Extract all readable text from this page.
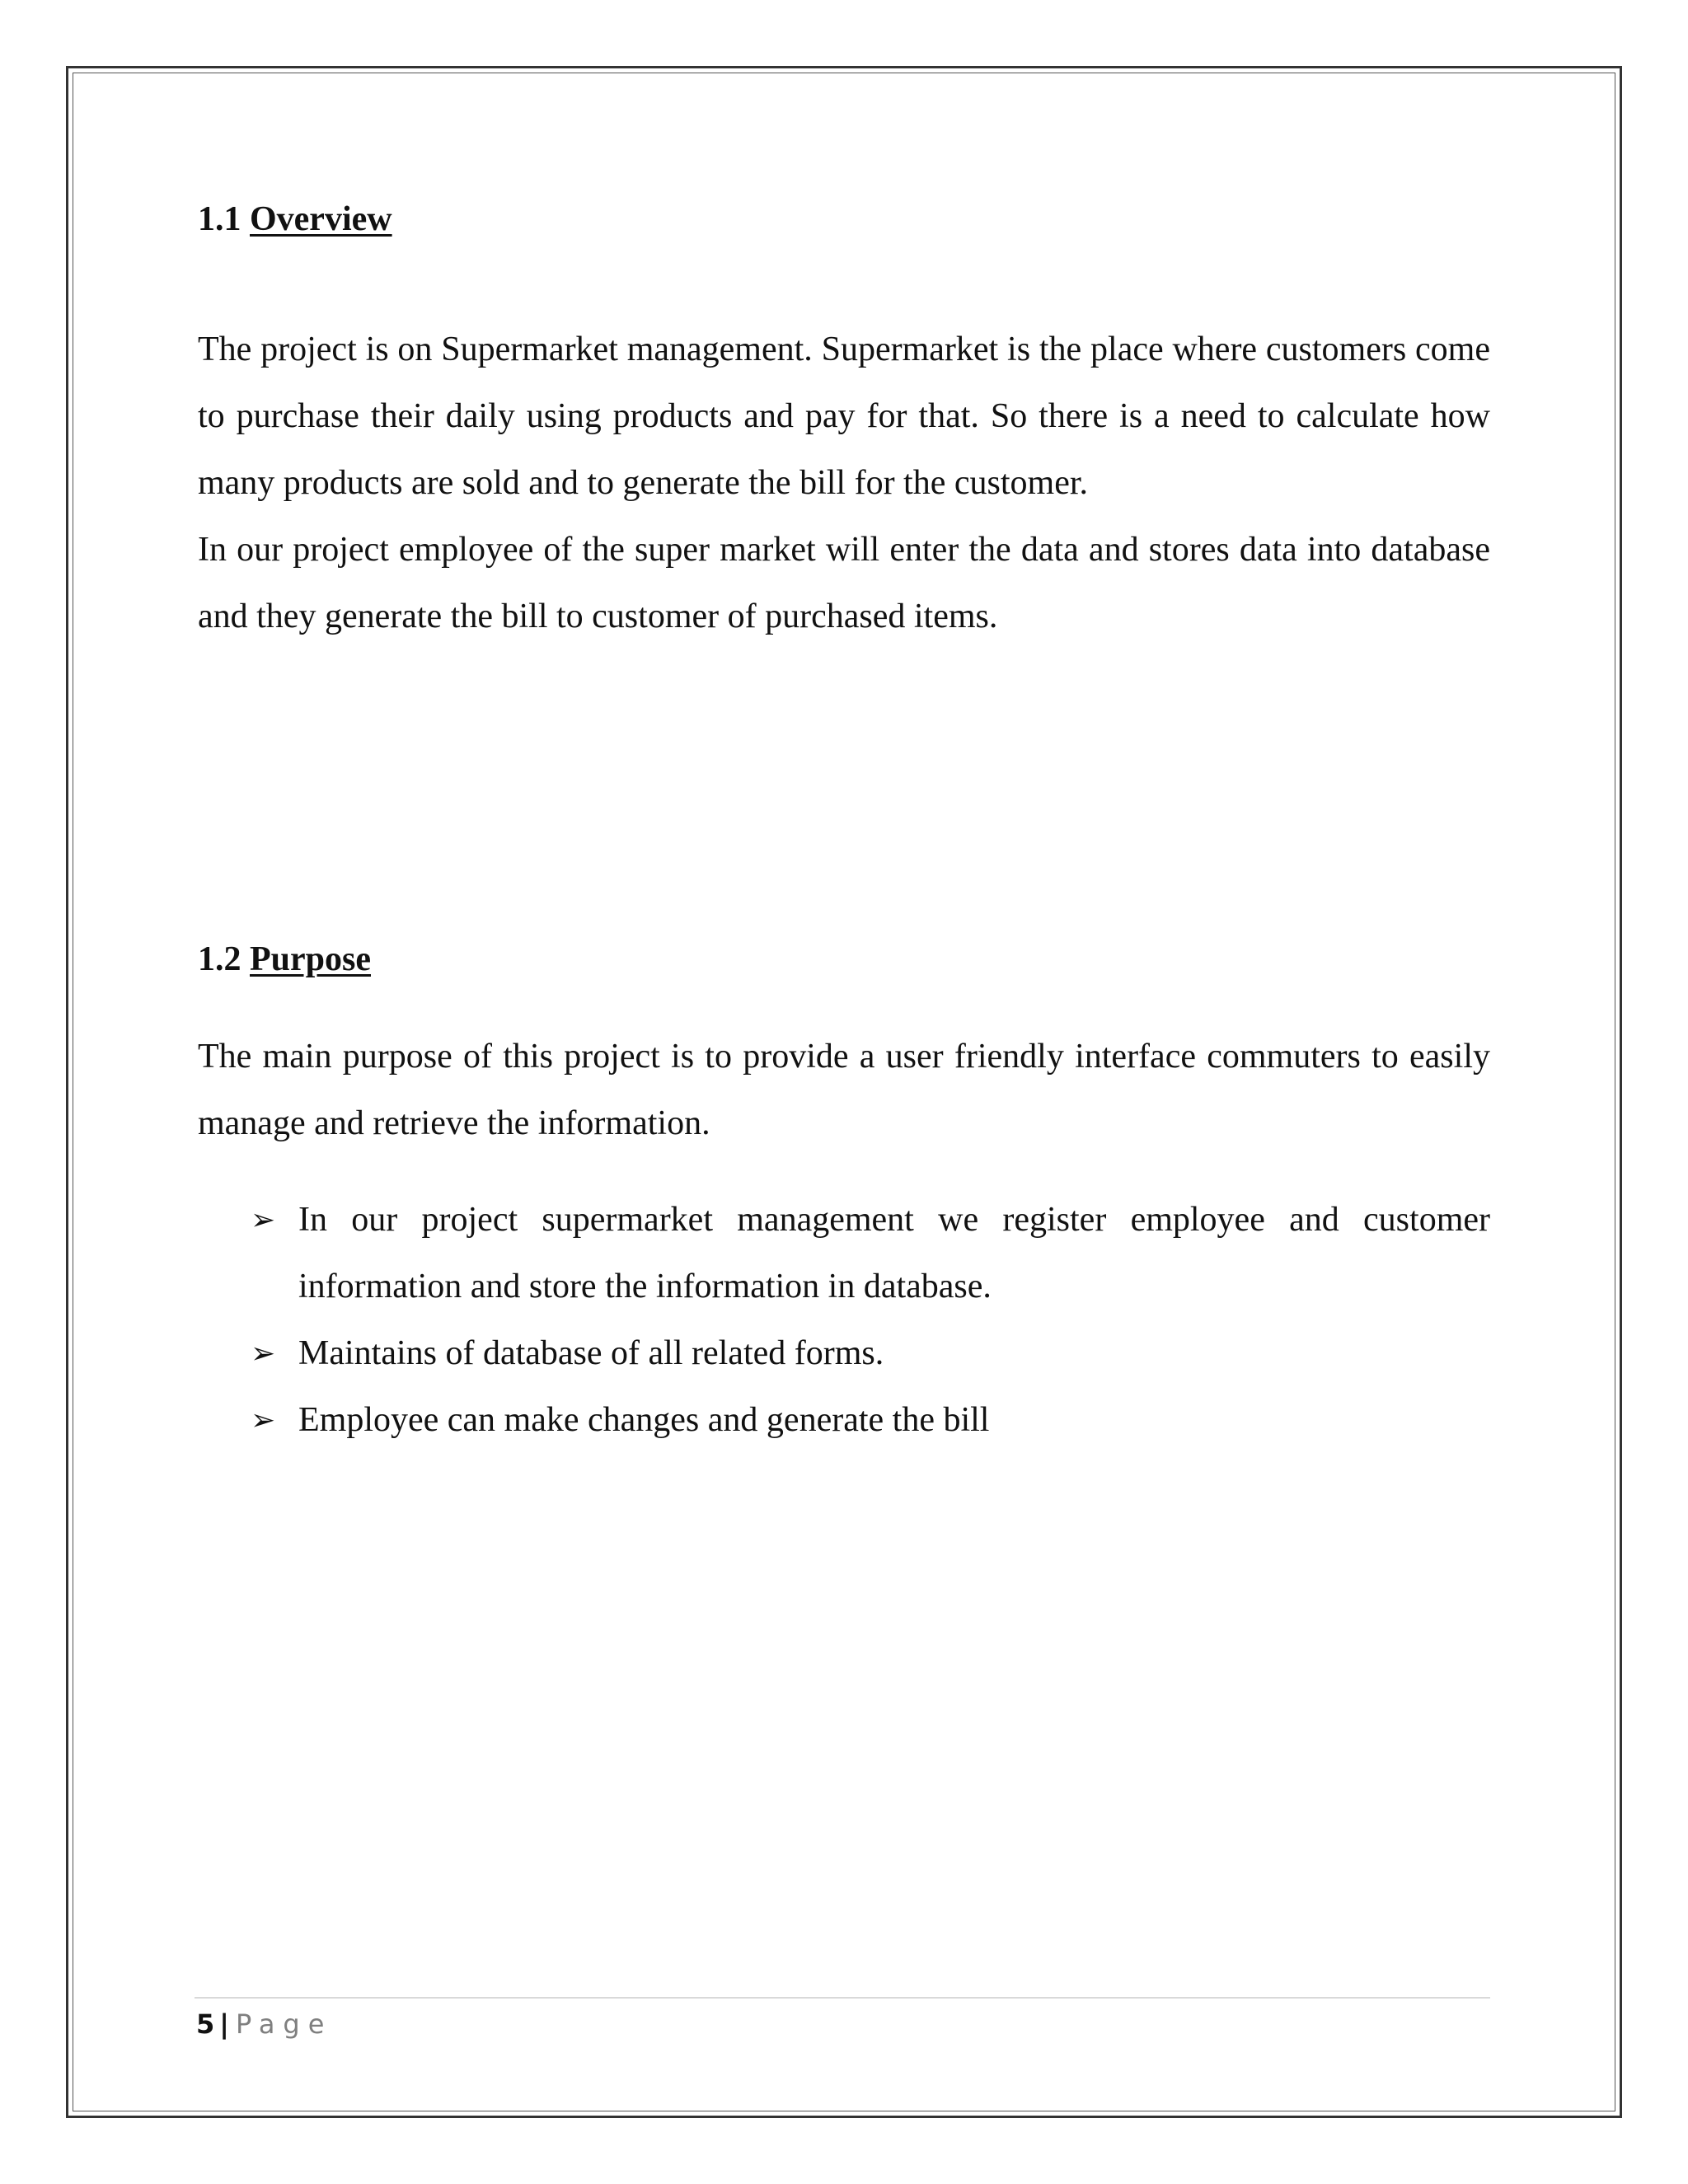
1.1 Overview

The project is on Supermarket management. Supermarket is the place where customers come to purchase their daily using products and pay for that. So there is a need to calculate how many products are sold and to generate the bill for the customer.

In our project employee of the super market will enter the data and stores data into database and they generate the bill to customer of purchased items.

1.2 Purpose

The main purpose of this project is to provide a user friendly interface commuters to easily manage and retrieve the information.

➢ In our project supermarket management we register employee and customer information and store the information in database.
➢ Maintains of database of all related forms.
➢ Employee can make changes and generate the bill
5 | Page
